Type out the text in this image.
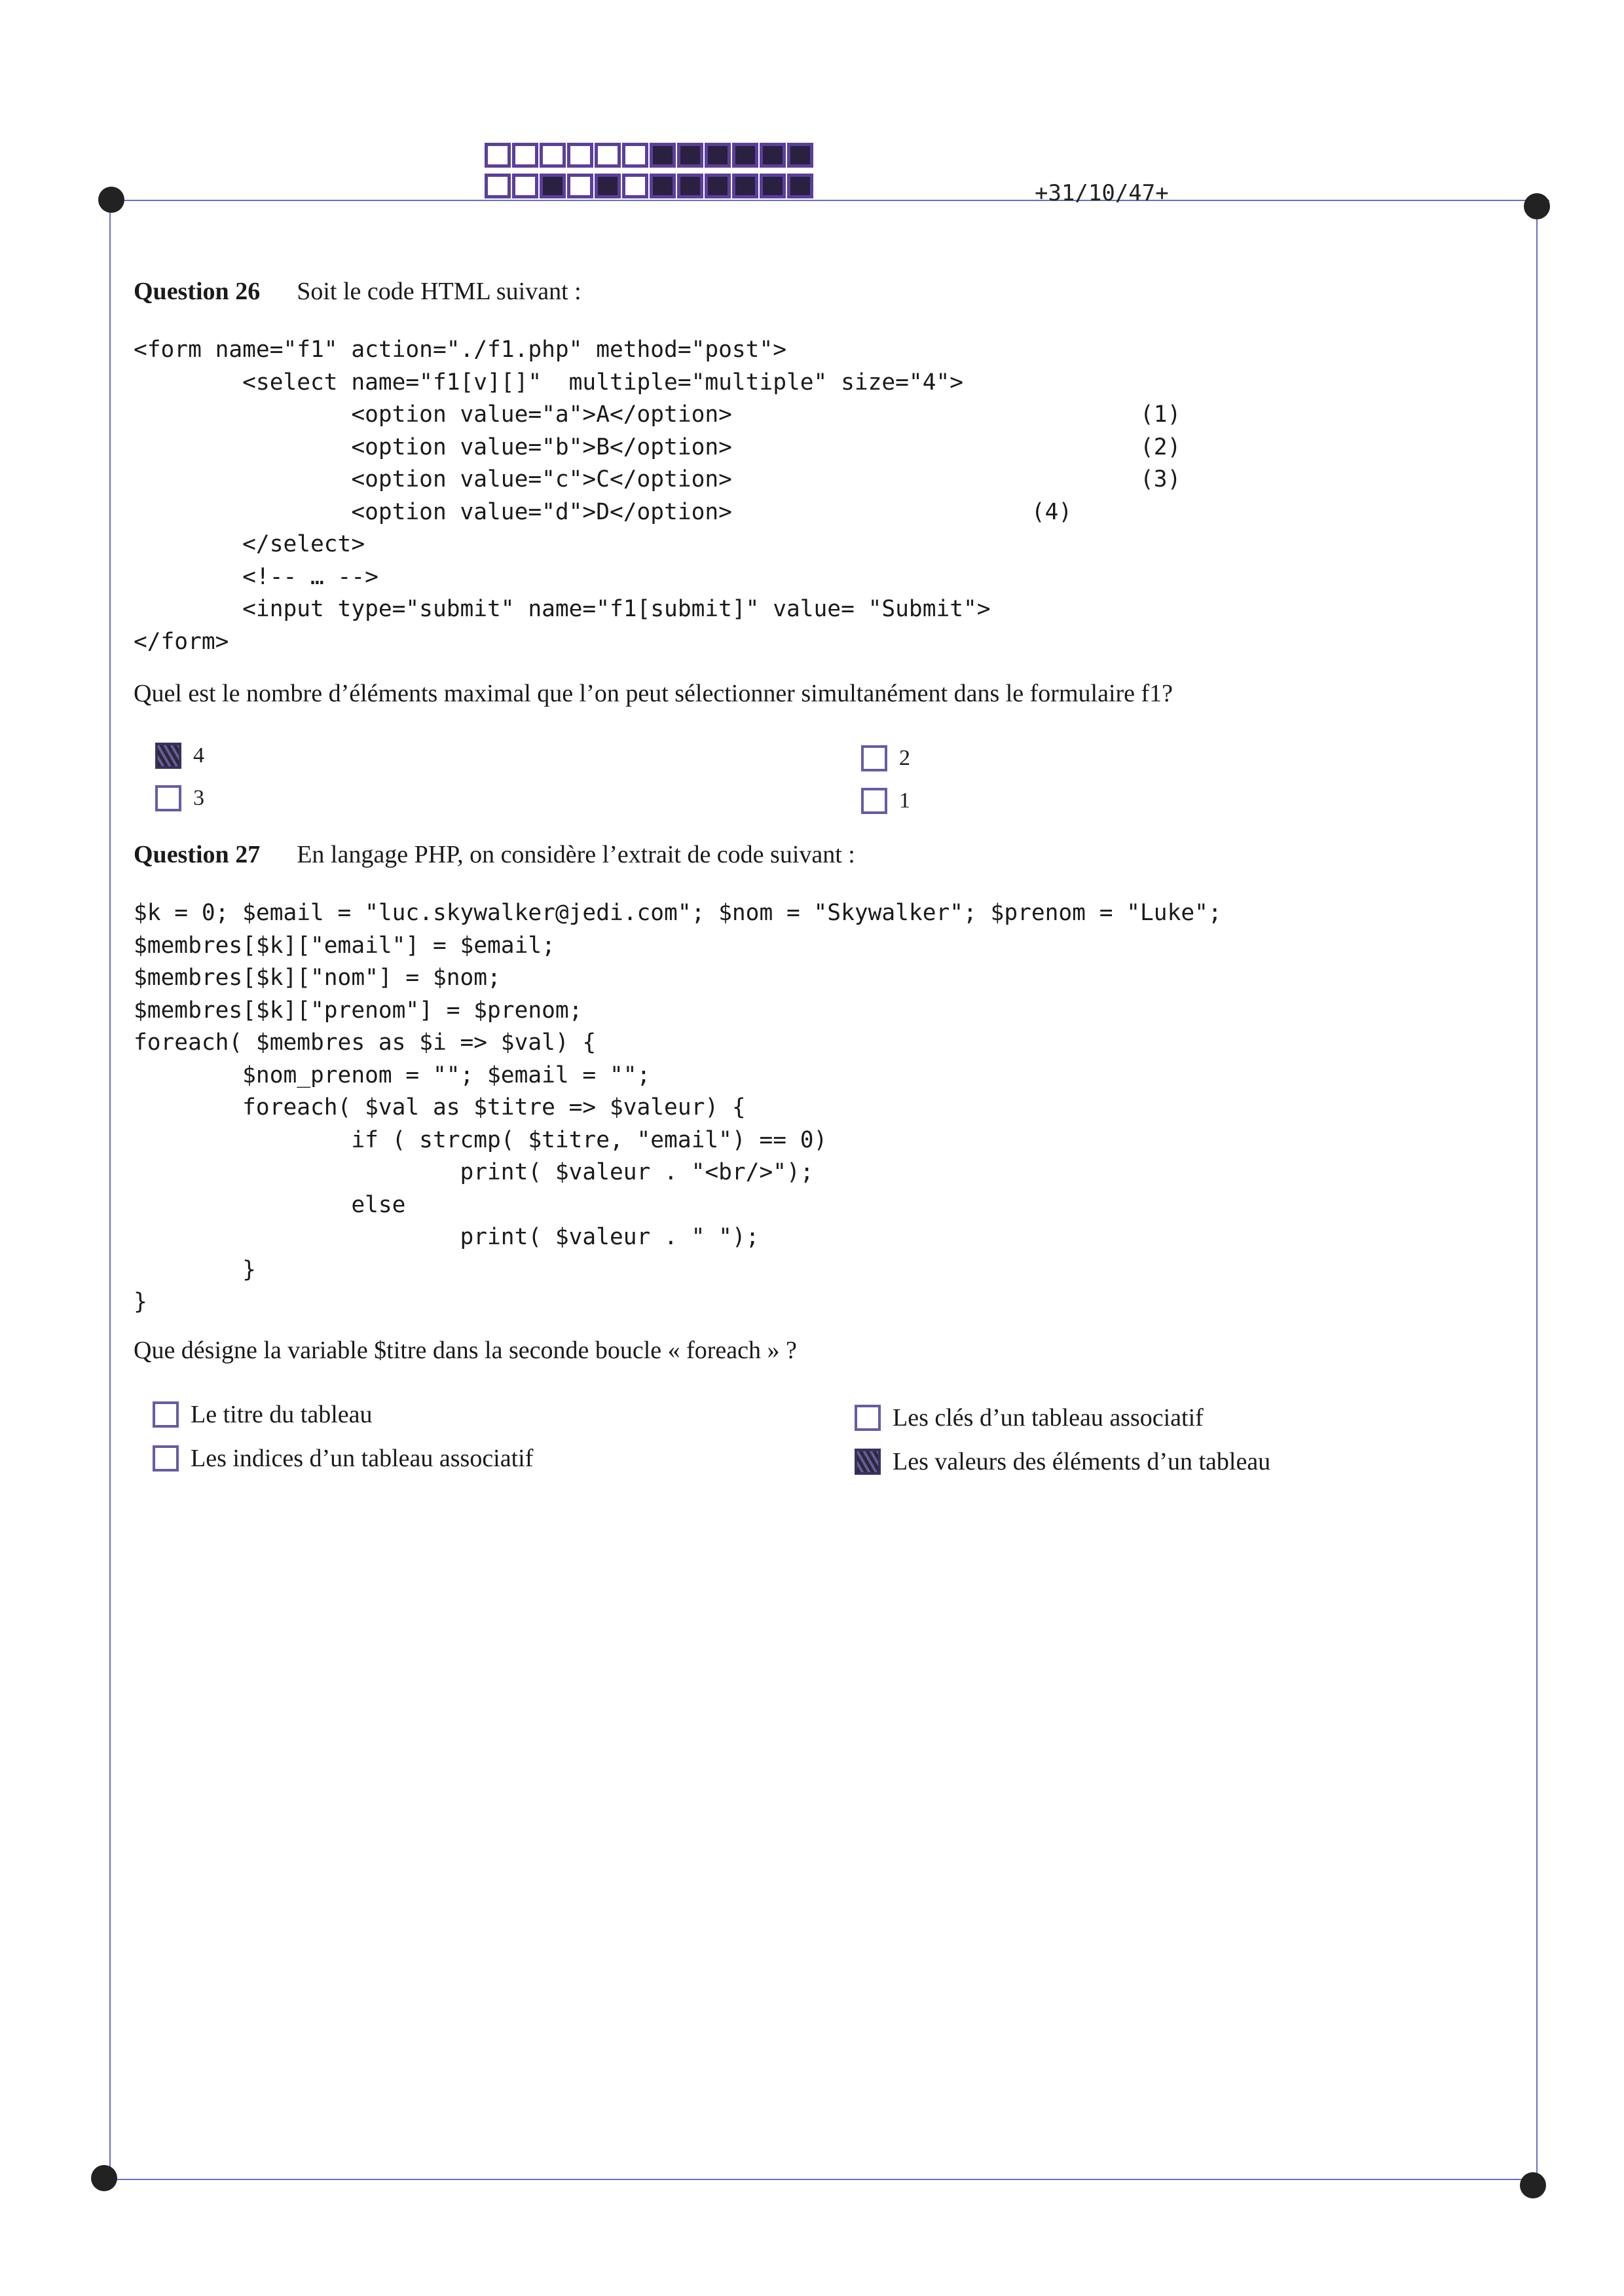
+31/10/47+
Question 26 Soit le code HTML suivant :
<form name="f1" action="./f1.php" method="post">
<select name="f1[v][]"  multiple="multiple" size="4">
<option value="a">A</option>                              (1)
<option value="b">B</option>                              (2)
<option value="c">C</option>                              (3)
<option value="d">D</option>                      (4)
</select>
<!-- … -->
<input type="submit" name="f1[submit]" value= "Submit">
</form>
Quel est le nombre d’éléments maximal que l’on peut sélectionner simultanément dans le formulaire f1?
4
3
2
1
Question 27 En langage PHP, on considère l’extrait de code suivant :
$k = 0; $email = "luc.skywalker@jedi.com"; $nom = "Skywalker"; $prenom = "Luke";
$membres[$k]["email"] = $email;
$membres[$k]["nom"] = $nom;
$membres[$k]["prenom"] = $prenom;
foreach( $membres as $i => $val) {
$nom_prenom = ""; $email = "";
foreach( $val as $titre => $valeur) {
if ( strcmp( $titre, "email") == 0)
print( $valeur . "<br/>");
else
print( $valeur . " ");
}
}
Que désigne la variable $titre dans la seconde boucle « foreach » ?
Le titre du tableau
Les indices d’un tableau associatif
Les clés d’un tableau associatif
Les valeurs des éléments d’un tableau
